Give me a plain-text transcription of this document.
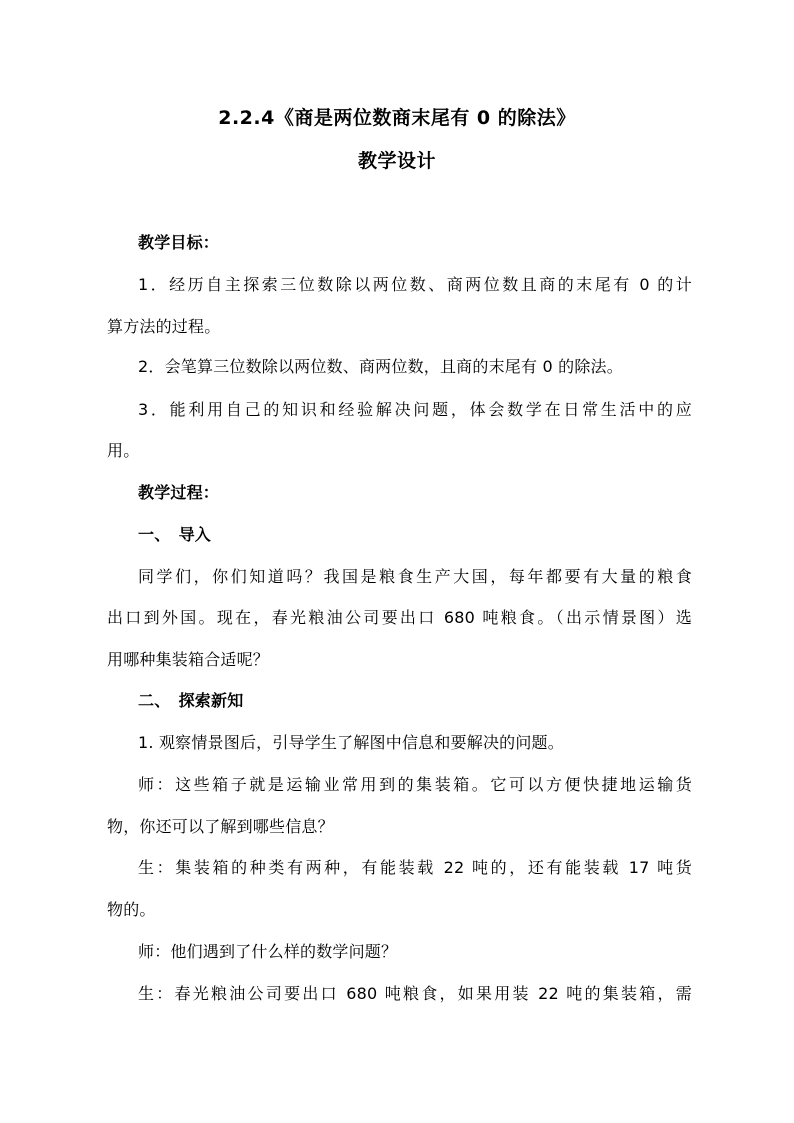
2.2.4《商是两位数商末尾有 0 的除法》
教学设计
教学目标：
1．经历自主探索三位数除以两位数、商两位数且商的末尾有 0 的计
算方法的过程。
2．会笔算三位数除以两位数、商两位数，且商的末尾有 0 的除法。
3．能利用自己的知识和经验解决问题，体会数学在日常生活中的应
用。
教学过程：
一、　导入
同学们，你们知道吗？我国是粮食生产大国，每年都要有大量的粮食
出口到外国。现在，春光粮油公司要出口 680 吨粮食。（出示情景图）选
用哪种集装箱合适呢？
二、　探索新知
1. 观察情景图后，引导学生了解图中信息和要解决的问题。
师：这些箱子就是运输业常用到的集装箱。它可以方便快捷地运输货
物，你还可以了解到哪些信息？
生：集装箱的种类有两种，有能装载 22 吨的，还有能装载 17 吨货
物的。
师：他们遇到了什么样的数学问题？
生：春光粮油公司要出口 680 吨粮食，如果用装 22 吨的集装箱，需
